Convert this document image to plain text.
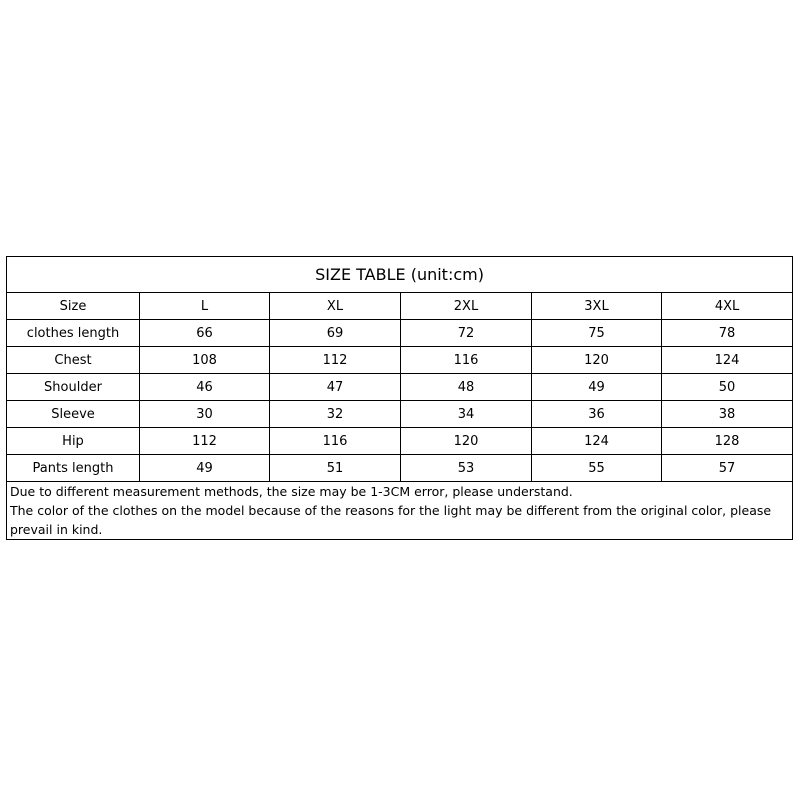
SIZE TABLE (unit:cm)					
Size	L	XL	2XL	3XL	4XL
clothes length	66	69	72	75	78
Chest	108	112	116	120	124
Shoulder	46	47	48	49	50
Sleeve	30	32	34	36	38
Hip	112	116	120	124	128
Pants length	49	51	53	55	57

Due to different measurement methods, the size may be 1-3CM error, please understand.
The color of the clothes on the model because of the reasons for the light may be different from the original color, please prevail in kind.					
